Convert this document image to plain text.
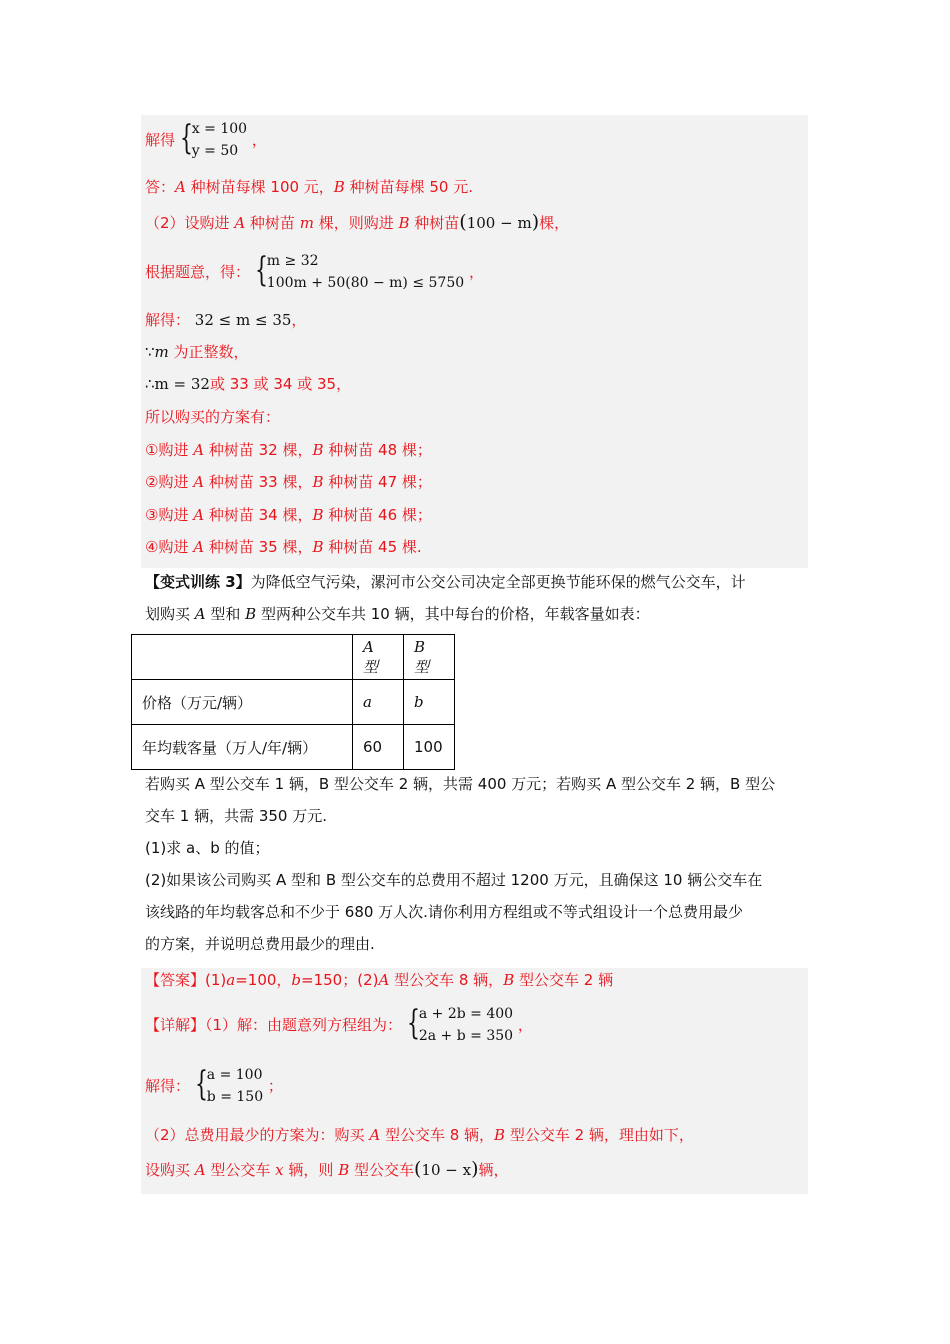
解得 { x = 100
y = 50
，
答：A 种树苗每棵 100 元，B 种树苗每棵 50 元.
（2）设购进 A 种树苗 m 棵，则购进 B 种树苗(100 − m)棵，
根据题意，得： { m ≥ 32
100m + 50(80 − m) ≤ 5750
，
解得： 32 ≤ m ≤ 35，
∵m 为正整数，
∴m = 32或 33 或 34 或 35，
所以购买的方案有：
①购进 A 种树苗 32 棵，B 种树苗 48 棵；
②购进 A 种树苗 33 棵，B 种树苗 47 棵；
③购进 A 种树苗 34 棵，B 种树苗 46 棵；
④购进 A 种树苗 35 棵，B 种树苗 45 棵.
【变式训练 3】为降低空气污染，漯河市公交公司决定全部更换节能环保的燃气公交车，计
划购买 A 型和 B 型两种公交车共 10 辆，其中每台的价格，年载客量如表：
	A 型	B 型
价格（万元/辆）	a	b
年均载客量（万人/年/辆）	60	100
若购买 A 型公交车 1 辆，B 型公交车 2 辆，共需 400 万元；若购买 A 型公交车 2 辆，B 型公
交车 1 辆，共需 350 万元.
(1)求 a、b 的值；
(2)如果该公司购买 A 型和 B 型公交车的总费用不超过 1200 万元，且确保这 10 辆公交车在
该线路的年均载客总和不少于 680 万人次.请你利用方程组或不等式组设计一个总费用最少
的方案，并说明总费用最少的理由.
【答案】(1)a=100，b=150；(2)A 型公交车 8 辆，B 型公交车 2 辆
【详解】（1）解：由题意列方程组为： { a + 2b = 400
2a + b = 350
，
解得： { a = 100
b = 150
；
（2）总费用最少的方案为：购买 A 型公交车 8 辆，B 型公交车 2 辆，理由如下，
设购买 A 型公交车 x 辆，则 B 型公交车(10 − x)辆，
